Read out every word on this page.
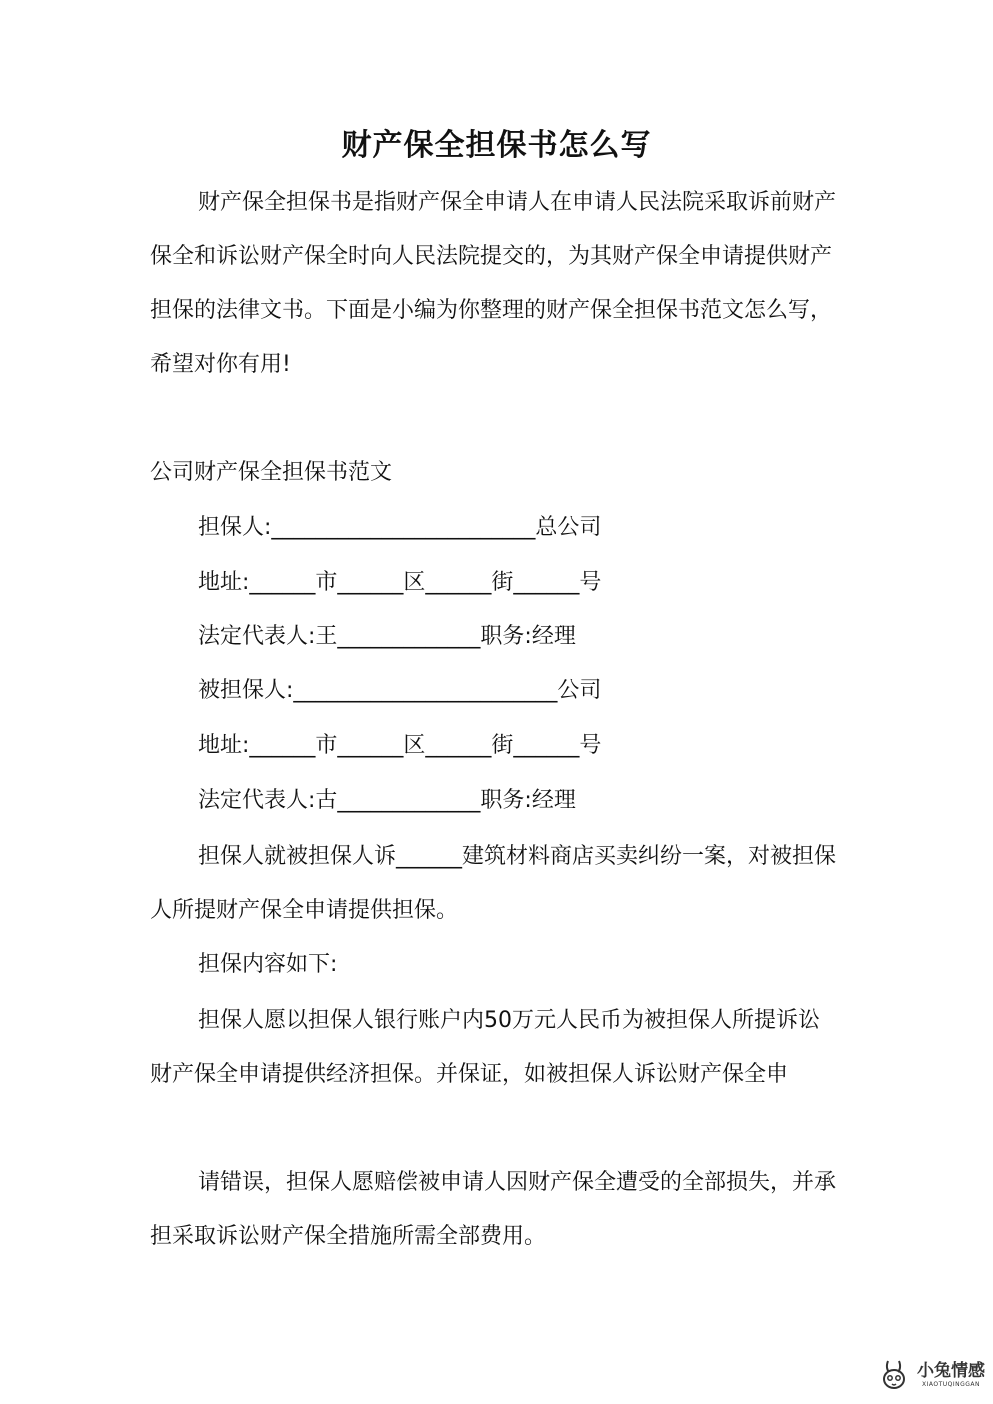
财产保全担保书怎么写

财产保全担保书是指财产保全申请人在申请人民法院采取诉前财产保全和诉讼财产保全时向人民法院提交的，为其财产保全申请提供财产担保的法律文书。下面是小编为你整理的财产保全担保书范文怎么写，希望对你有用!

公司财产保全担保书范文

担保人:________________________总公司

地址:______市______区______街______号

法定代表人:王_____________职务:经理

被担保人:________________________公司

地址:______市______区______街______号

法定代表人:古_____________职务:经理

担保人就被担保人诉______建筑材料商店买卖纠纷一案，对被担保人所提财产保全申请提供担保。

担保内容如下:

担保人愿以担保人银行账户内50万元人民币为被担保人所提诉讼财产保全申请提供经济担保。并保证，如被担保人诉讼财产保全申

请错误，担保人愿赔偿被申请人因财产保全遭受的全部损失，并承担采取诉讼财产保全措施所需全部费用。

小兔情感
XIAOTUQINGGAN
